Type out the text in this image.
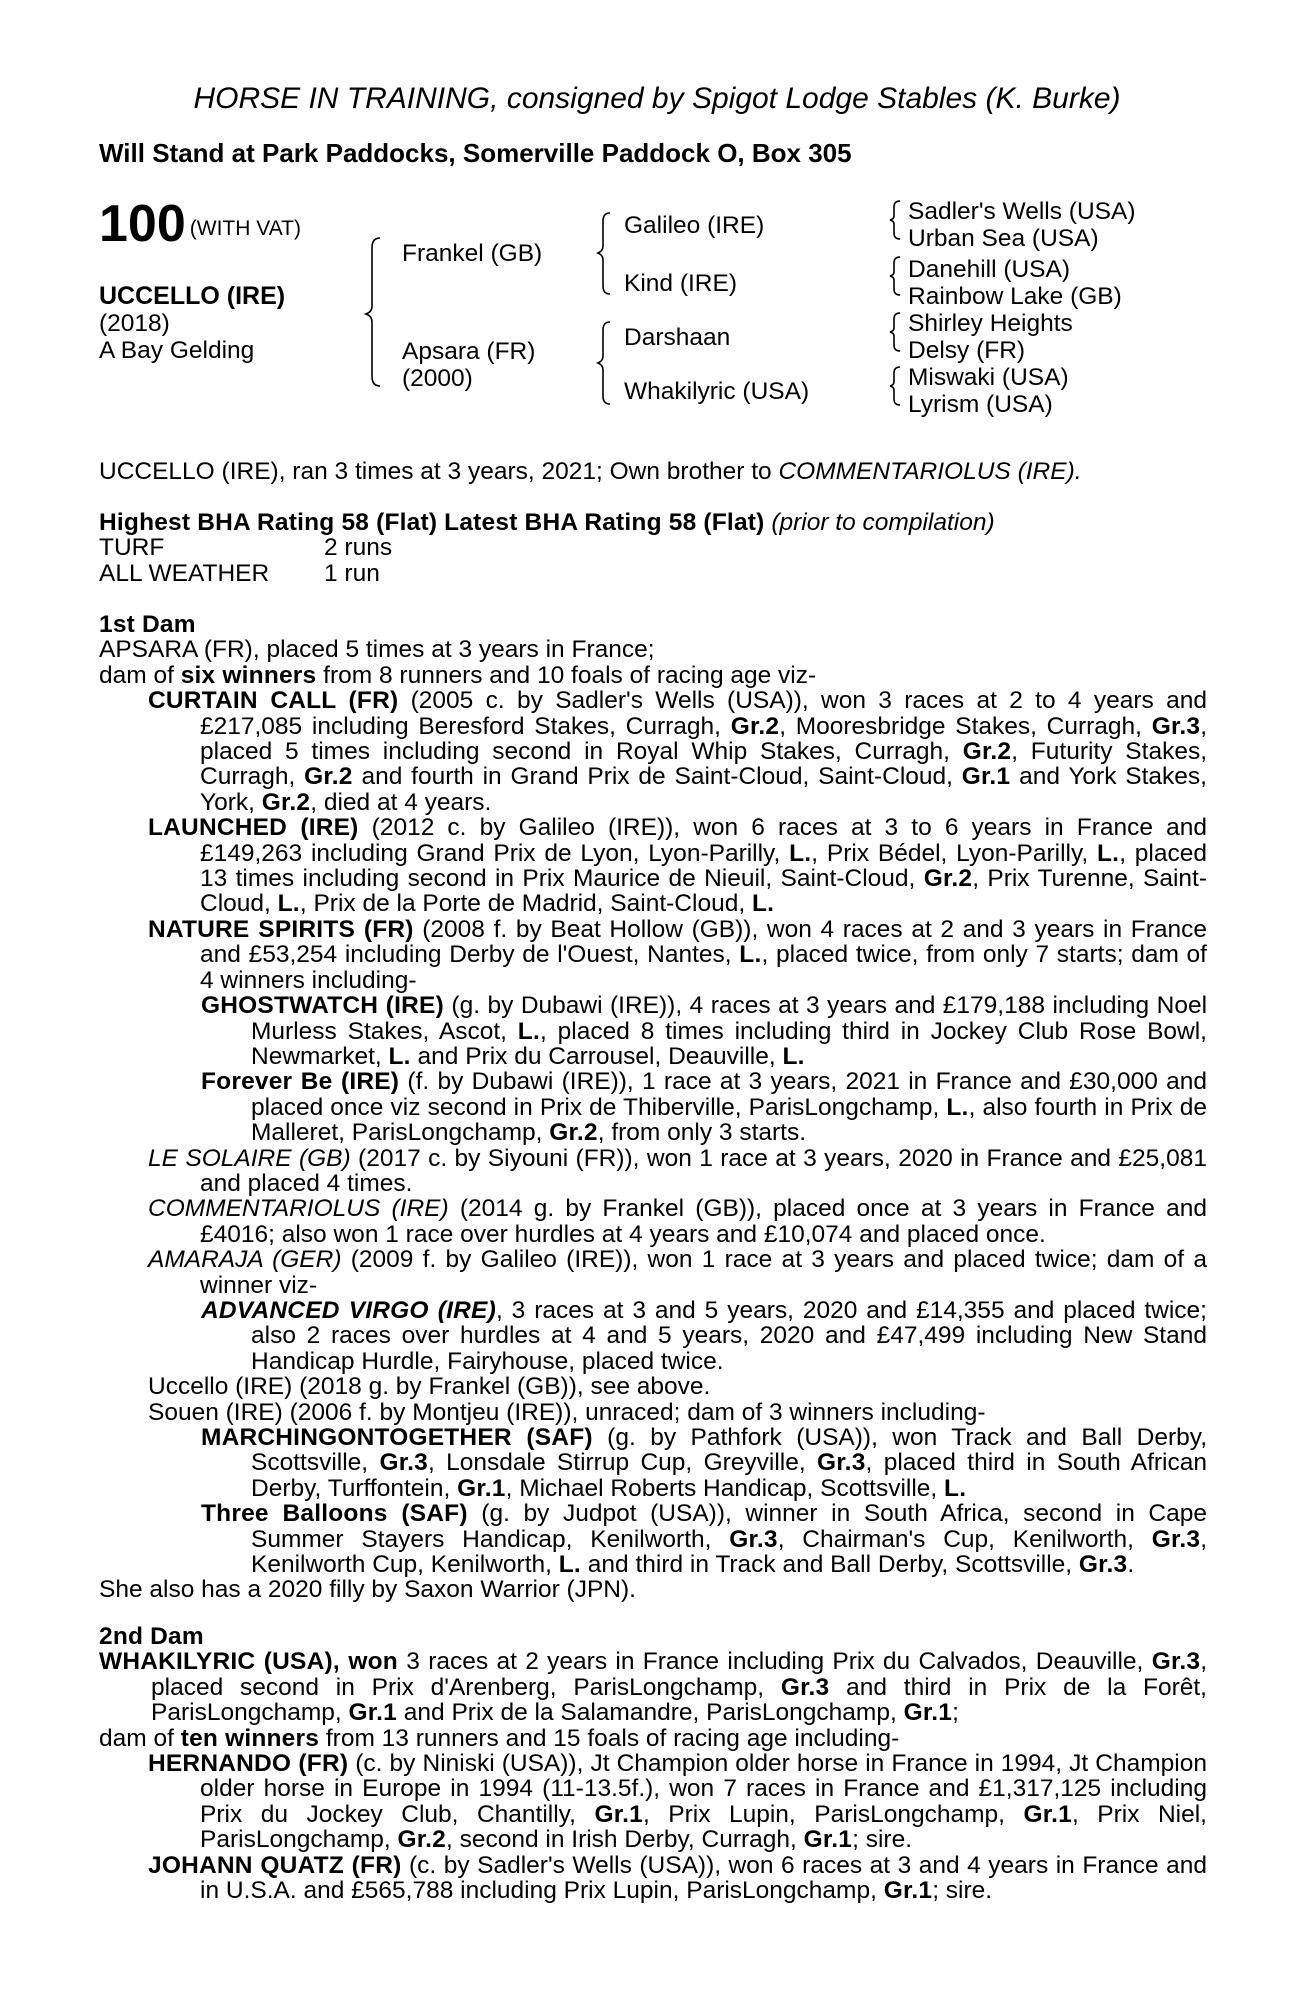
HORSE IN TRAINING, consigned by Spigot Lodge Stables (K. Burke)
Will Stand at Park Paddocks, Somerville Paddock O, Box 305
100 (WITH VAT)
UCCELLO (IRE)
(2018)
A Bay Gelding
Frankel (GB)
Apsara (FR)
(2000)
Galileo (IRE)
Kind (IRE)
Darshaan
Whakilyric (USA)
Sadler's Wells (USA)
Urban Sea (USA)
Danehill (USA)
Rainbow Lake (GB)
Shirley Heights
Delsy (FR)
Miswaki (USA)
Lyrism (USA)

UCCELLO (IRE), ran 3 times at 3 years, 2021; Own brother to COMMENTARIOLUS (IRE).

Highest BHA Rating 58 (Flat) Latest BHA Rating 58 (Flat) (prior to compilation)

TURF	2 runs

ALL WEATHER 1 run

1st Dam

APSARA (FR), placed 5 times at 3 years in France;

dam of six winners from 8 runners and 10 foals of racing age viz-

CURTAIN CALL (FR) (2005 c. by Sadler's Wells (USA)), won 3 races at 2 to 4 years and £217,085 including Beresford Stakes, Curragh, Gr.2, Mooresbridge Stakes, Curragh, Gr.3, placed 5 times including second in Royal Whip Stakes, Curragh, Gr.2, Futurity Stakes, Curragh, Gr.2 and fourth in Grand Prix de Saint-Cloud, Saint-Cloud, Gr.1 and York Stakes, York, Gr.2, died at 4 years.

LAUNCHED (IRE) (2012 c. by Galileo (IRE)), won 6 races at 3 to 6 years in France and £149,263 including Grand Prix de Lyon, Lyon-Parilly, L., Prix Bédel, Lyon-Parilly, L., placed 13 times including second in Prix Maurice de Nieuil, Saint-Cloud, Gr.2, Prix Turenne, Saint-Cloud, L., Prix de la Porte de Madrid, Saint-Cloud, L.

NATURE SPIRITS (FR) (2008 f. by Beat Hollow (GB)), won 4 races at 2 and 3 years in France and £53,254 including Derby de l'Ouest, Nantes, L., placed twice, from only 7 starts; dam of 4 winners including-

GHOSTWATCH (IRE) (g. by Dubawi (IRE)), 4 races at 3 years and £179,188 including Noel Murless Stakes, Ascot, L., placed 8 times including third in Jockey Club Rose Bowl, Newmarket, L. and Prix du Carrousel, Deauville, L.

Forever Be (IRE) (f. by Dubawi (IRE)), 1 race at 3 years, 2021 in France and £30,000 and placed once viz second in Prix de Thiberville, ParisLongchamp, L., also fourth in Prix de Malleret, ParisLongchamp, Gr.2, from only 3 starts.

LE SOLAIRE (GB) (2017 c. by Siyouni (FR)), won 1 race at 3 years, 2020 in France and £25,081 and placed 4 times.

COMMENTARIOLUS (IRE) (2014 g. by Frankel (GB)), placed once at 3 years in France and £4016; also won 1 race over hurdles at 4 years and £10,074 and placed once.

AMARAJA (GER) (2009 f. by Galileo (IRE)), won 1 race at 3 years and placed twice; dam of a winner viz-

ADVANCED VIRGO (IRE), 3 races at 3 and 5 years, 2020 and £14,355 and placed twice; also 2 races over hurdles at 4 and 5 years, 2020 and £47,499 including New Stand Handicap Hurdle, Fairyhouse, placed twice.

Uccello (IRE) (2018 g. by Frankel (GB)), see above.

Souen (IRE) (2006 f. by Montjeu (IRE)), unraced; dam of 3 winners including-

MARCHINGONTOGETHER (SAF) (g. by Pathfork (USA)), won Track and Ball Derby, Scottsville, Gr.3, Lonsdale Stirrup Cup, Greyville, Gr.3, placed third in South African Derby, Turffontein, Gr.1, Michael Roberts Handicap, Scottsville, L.

Three Balloons (SAF) (g. by Judpot (USA)), winner in South Africa, second in Cape Summer Stayers Handicap, Kenilworth, Gr.3, Chairman's Cup, Kenilworth, Gr.3, Kenilworth Cup, Kenilworth, L. and third in Track and Ball Derby, Scottsville, Gr.3.

She also has a 2020 filly by Saxon Warrior (JPN).

2nd Dam

WHAKILYRIC (USA), won 3 races at 2 years in France including Prix du Calvados, Deauville, Gr.3, placed second in Prix d'Arenberg, ParisLongchamp, Gr.3 and third in Prix de la Forêt, ParisLongchamp, Gr.1 and Prix de la Salamandre, ParisLongchamp, Gr.1;

dam of ten winners from 13 runners and 15 foals of racing age including-

HERNANDO (FR) (c. by Niniski (USA)), Jt Champion older horse in France in 1994, Jt Champion older horse in Europe in 1994 (11-13.5f.), won 7 races in France and £1,317,125 including Prix du Jockey Club, Chantilly, Gr.1, Prix Lupin, ParisLongchamp, Gr.1, Prix Niel, ParisLongchamp, Gr.2, second in Irish Derby, Curragh, Gr.1; sire.

JOHANN QUATZ (FR) (c. by Sadler's Wells (USA)), won 6 races at 3 and 4 years in France and in U.S.A. and £565,788 including Prix Lupin, ParisLongchamp, Gr.1; sire.
